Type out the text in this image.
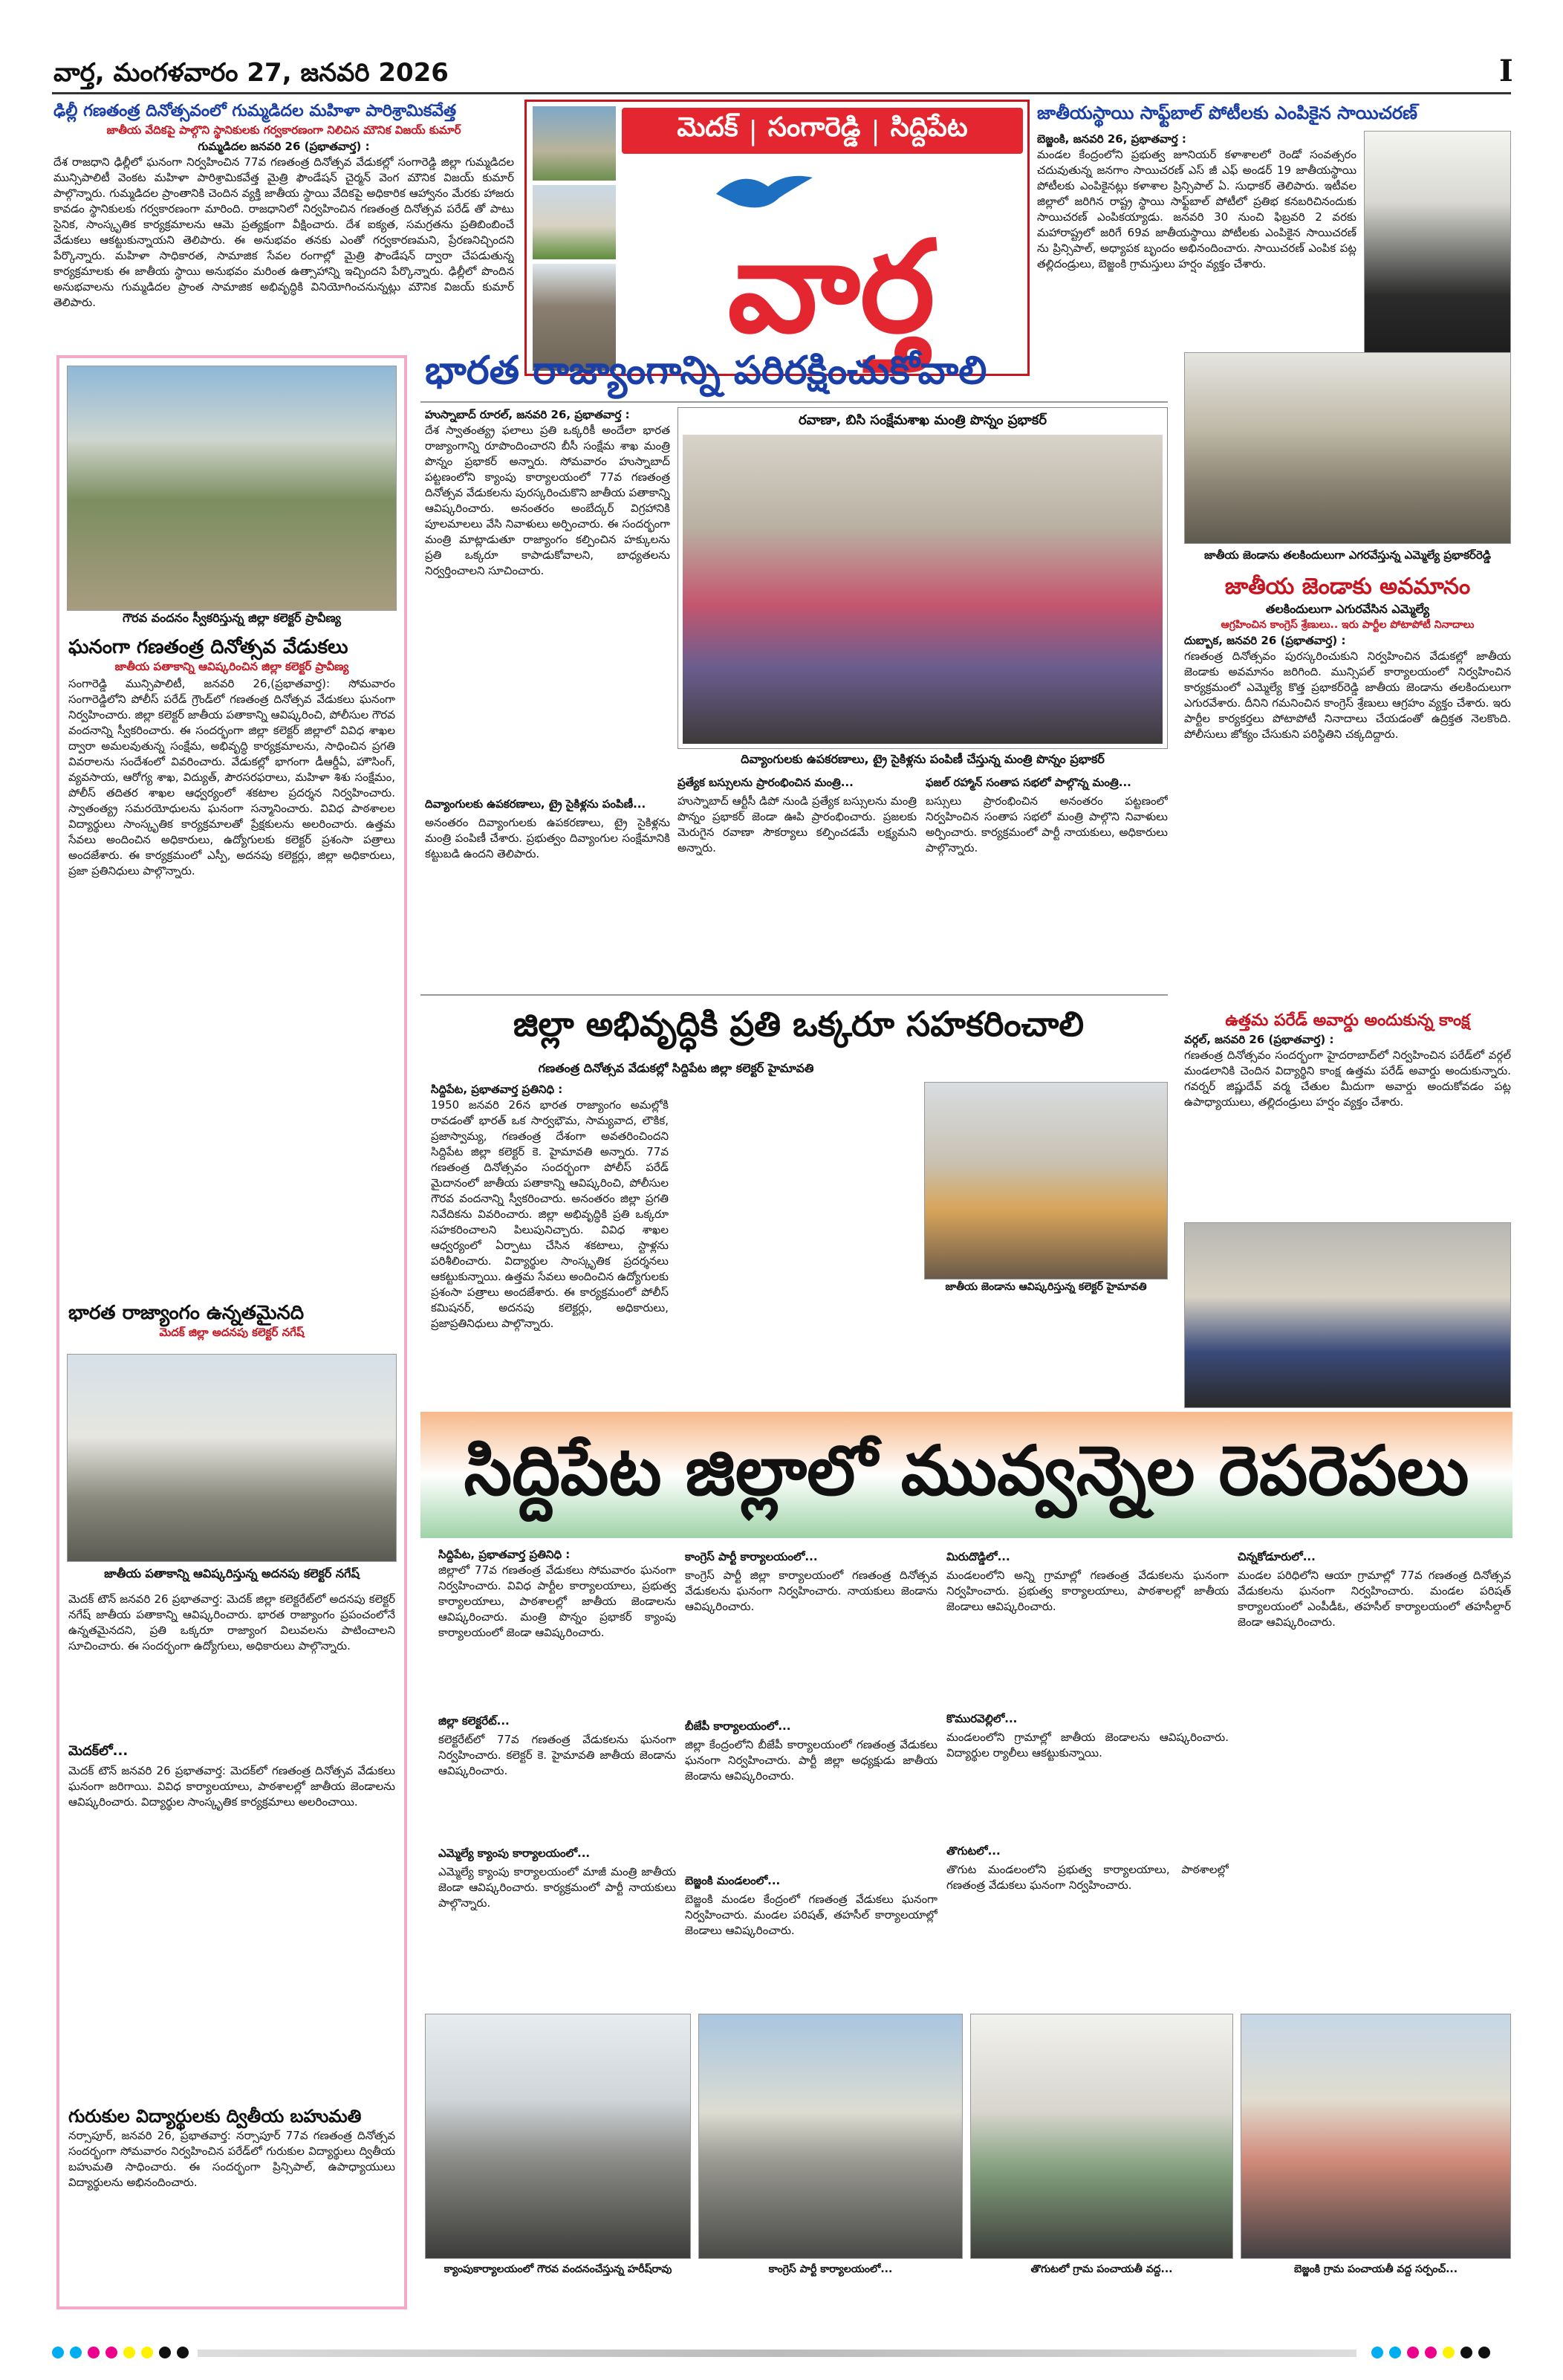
వార్త, మంగళవారం 27, జనవరి 2026	I
ఢిల్లీ గణతంత్ర దినోత్సవంలో గుమ్మడిదల మహిళా పారిశ్రామికవేత్త
జాతీయ వేదికపై పాల్గొని స్థానికులకు గర్వకారణంగా నిలిచిన మౌనిక విజయ్ కుమార్
గుమ్మడిదల జనవరి 26 (ప్రభాతవార్త) :
దేశ రాజధాని ఢిల్లీలో ఘనంగా నిర్వహించిన 77వ గణతంత్ర దినోత్సవ వేడుకల్లో సంగారెడ్డి జిల్లా గుమ్మడిదల మున్సిపాలిటీ వెంకట మహిళా పారిశ్రామికవేత్త మైత్రి ఫౌండేషన్ చైర్మన్ వెంగ మౌనిక విజయ్ కుమార్ పాల్గొన్నారు. గుమ్మడిదల ప్రాంతానికి చెందిన వ్యక్తి జాతీయ స్థాయి వేదికపై అధికారిక ఆహ్వానం మేరకు హాజరు కావడం స్థానికులకు గర్వకారణంగా మారింది. రాజధానిలో నిర్వహించిన గణతంత్ర దినోత్సవ పరేడ్ తో పాటు సైనిక, సాంస్కృతిక కార్యక్రమాలను ఆమె ప్రత్యక్షంగా వీక్షించారు. దేశ ఐక్యత, సమగ్రతను ప్రతిబింబించే వేడుకలు ఆకట్టుకున్నాయని తెలిపారు. ఈ అనుభవం తనకు ఎంతో గర్వకారణమని, ప్రేరణనిచ్చిందని పేర్కొన్నారు. మహిళా సాధికారత, సామాజిక సేవల రంగాల్లో మైత్రి ఫౌండేషన్ ద్వారా చేపడుతున్న కార్యక్రమాలకు ఈ జాతీయ స్థాయి అనుభవం మరింత ఉత్సాహాన్ని ఇచ్చిందని పేర్కొన్నారు. ఢిల్లీలో పొందిన అనుభవాలను గుమ్మడిదల ప్రాంత సామాజిక అభివృద్ధికి వినియోగించనున్నట్లు మౌనిక విజయ్ కుమార్ తెలిపారు.
మెదక్ | సంగారెడ్డి | సిద్దిపేట
వార్త
జాతీయస్థాయి సాఫ్ట్‌బాల్ పోటీలకు ఎంపికైన సాయిచరణ్
బెజ్జంకి, జనవరి 26, ప్రభాతవార్త :
మండల కేంద్రంలోని ప్రభుత్వ జూనియర్ కళాశాలలో రెండో సంవత్సరం చదువుతున్న జనగాం సాయిచరణ్ ఎస్ జీ ఎఫ్ అండర్ 19 జాతీయస్థాయి పోటీలకు ఎంపికైనట్లు కళాశాల ప్రిన్సిపాల్ ఏ. సుధాకర్ తెలిపారు. ఇటీవల జిల్లాలో జరిగిన రాష్ట్ర స్థాయి సాఫ్ట్‌బాల్ పోటీలో ప్రతిభ కనబరిచినందుకు సాయిచరణ్ ఎంపికయ్యాడు. జనవరి 30 నుంచి ఫిబ్రవరి 2 వరకు మహారాష్ట్రలో జరిగే 69వ జాతీయస్థాయి పోటీలకు ఎంపికైన సాయిచరణ్ ను ప్రిన్సిపాల్, అధ్యాపక బృందం అభినందించారు. సాయిచరణ్ ఎంపిక పట్ల తల్లిదండ్రులు, బెజ్జంకి గ్రామస్తులు హర్షం వ్యక్తం చేశారు.
గౌరవ వందనం స్వీకరిస్తున్న జిల్లా కలెక్టర్ ప్రావీణ్య
ఘనంగా గణతంత్ర దినోత్సవ వేడుకలు
జాతీయ పతాకాన్ని ఆవిష్కరించిన జిల్లా కలెక్టర్ ప్రావీణ్య
సంగారెడ్డి మున్సిపాలిటీ, జనవరి 26,(ప్రభాతవార్త): సోమవారం సంగారెడ్డిలోని పోలీస్ పరేడ్ గ్రౌండ్‌లో గణతంత్ర దినోత్సవ వేడుకలు ఘనంగా నిర్వహించారు. జిల్లా కలెక్టర్ జాతీయ పతాకాన్ని ఆవిష్కరించి, పోలీసుల గౌరవ వందనాన్ని స్వీకరించారు. ఈ సందర్భంగా జిల్లా కలెక్టర్ జిల్లాలో వివిధ శాఖల ద్వారా అమలవుతున్న సంక్షేమ, అభివృద్ధి కార్యక్రమాలను, సాధించిన ప్రగతి వివరాలను సందేశంలో వివరించారు. వేడుకల్లో భాగంగా డీఆర్డీఏ, హౌసింగ్, వ్యవసాయ, ఆరోగ్య శాఖ, విద్యుత్, పౌరసరఫరాలు, మహిళా శిశు సంక్షేమం, పోలీస్ తదితర శాఖల ఆధ్వర్యంలో శకటాల ప్రదర్శన నిర్వహించారు. స్వాతంత్య్ర సమరయోధులను ఘనంగా సన్మానించారు. వివిధ పాఠశాలల విద్యార్థులు సాంస్కృతిక కార్యక్రమాలతో ప్రేక్షకులను అలరించారు. ఉత్తమ సేవలు అందించిన అధికారులు, ఉద్యోగులకు కలెక్టర్ ప్రశంసా పత్రాలు అందజేశారు. ఈ కార్యక్రమంలో ఎస్పీ, అదనపు కలెక్టర్లు, జిల్లా అధికారులు, ప్రజా ప్రతినిధులు పాల్గొన్నారు.
భారత రాజ్యాంగం ఉన్నతమైనది
మెదక్ జిల్లా అదనపు కలెక్టర్ నగేష్
జాతీయ పతాకాన్ని ఆవిష్కరిస్తున్న అదనపు కలెక్టర్ నగేష్
మెదక్ టౌన్ జనవరి 26 ప్రభాతవార్త: మెదక్ జిల్లా కలెక్టరేట్‌లో అదనపు కలెక్టర్ నగేష్ జాతీయ పతాకాన్ని ఆవిష్కరించారు. భారత రాజ్యాంగం ప్రపంచంలోనే ఉన్నతమైనదని, ప్రతి ఒక్కరూ రాజ్యాంగ విలువలను పాటించాలని సూచించారు. ఈ సందర్భంగా ఉద్యోగులు, అధికారులు పాల్గొన్నారు.
మెదక్‌లో...
మెదక్ టౌన్ జనవరి 26 ప్రభాతవార్త: మెదక్‌లో గణతంత్ర దినోత్సవ వేడుకలు ఘనంగా జరిగాయి. వివిధ కార్యాలయాలు, పాఠశాలల్లో జాతీయ జెండాలను ఆవిష్కరించారు. విద్యార్థుల సాంస్కృతిక కార్యక్రమాలు అలరించాయి.
గురుకుల విద్యార్థులకు ద్వితీయ బహుమతి
నర్సాపూర్, జనవరి 26, ప్రభాతవార్త: నర్సాపూర్ 77వ గణతంత్ర దినోత్సవ సందర్భంగా సోమవారం నిర్వహించిన పరేడ్‌లో గురుకుల విద్యార్థులు ద్వితీయ బహుమతి సాధించారు. ఈ సందర్భంగా ప్రిన్సిపాల్, ఉపాధ్యాయులు విద్యార్థులను అభినందించారు.
భారత రాజ్యాంగాన్ని పరిరక్షించుకోవాలి
హుస్నాబాద్ రూరల్, జనవరి 26, ప్రభాతవార్త :
దేశ స్వాతంత్య్ర ఫలాలు ప్రతి ఒక్కరికీ అందేలా భారత రాజ్యాంగాన్ని రూపొందించారని బీసీ సంక్షేమ శాఖ మంత్రి పొన్నం ప్రభాకర్ అన్నారు. సోమవారం హుస్నాబాద్ పట్టణంలోని క్యాంపు కార్యాలయంలో 77వ గణతంత్ర దినోత్సవ వేడుకలను పురస్కరించుకొని జాతీయ పతాకాన్ని ఆవిష్కరించారు. అనంతరం అంబేద్కర్ విగ్రహానికి పూలమాలలు వేసి నివాళులు అర్పించారు. ఈ సందర్భంగా మంత్రి మాట్లాడుతూ రాజ్యాంగం కల్పించిన హక్కులను ప్రతి ఒక్కరూ కాపాడుకోవాలని, బాధ్యతలను నిర్వర్తించాలని సూచించారు.
దివ్యాంగులకు ఉపకరణాలు, ట్రై సైకిళ్లను పంపిణీ...
అనంతరం దివ్యాంగులకు ఉపకరణాలు, ట్రై సైకిళ్లను మంత్రి పంపిణీ చేశారు. ప్రభుత్వం దివ్యాంగుల సంక్షేమానికి కట్టుబడి ఉందని తెలిపారు.
రవాణా, బిసి సంక్షేమశాఖ మంత్రి పొన్నం ప్రభాకర్
దివ్యాంగులకు ఉపకరణాలు, ట్రై సైకిళ్లను పంపిణీ చేస్తున్న మంత్రి పొన్నం ప్రభాకర్
ప్రత్యేక బస్సులను ప్రారంభించిన మంత్రి...
హుస్నాబాద్ ఆర్టీసీ డిపో నుండి ప్రత్యేక బస్సులను మంత్రి పొన్నం ప్రభాకర్ జెండా ఊపి ప్రారంభించారు. ప్రజలకు మెరుగైన రవాణా సౌకర్యాలు కల్పించడమే లక్ష్యమని అన్నారు.
ఫజల్ రహ్మాన్ సంతాప సభలో పాల్గొన్న మంత్రి...
బస్సులు ప్రారంభించిన అనంతరం పట్టణంలో నిర్వహించిన సంతాప సభలో మంత్రి పాల్గొని నివాళులు అర్పించారు. కార్యక్రమంలో పార్టీ నాయకులు, అధికారులు పాల్గొన్నారు.
జాతీయ జెండాను తలకిందులుగా ఎగరవేస్తున్న ఎమ్మెల్యే ప్రభాకర్‌రెడ్డి
జాతీయ జెండాకు అవమానం
తలకిందులుగా ఎగురవేసిన ఎమ్మెల్యే
ఆగ్రహించిన కాంగ్రెస్ శ్రేణులు.. ఇరు పార్టీల పోటాపోటీ నినాదాలు
దుబ్బాక, జనవరి 26 (ప్రభాతవార్త) :
గణతంత్ర దినోత్సవం పురస్కరించుకుని నిర్వహించిన వేడుకల్లో జాతీయ జెండాకు అవమానం జరిగింది. మున్సిపల్ కార్యాలయంలో నిర్వహించిన కార్యక్రమంలో ఎమ్మెల్యే కొత్త ప్రభాకర్‌రెడ్డి జాతీయ జెండాను తలకిందులుగా ఎగురవేశారు. దీనిని గమనించిన కాంగ్రెస్ శ్రేణులు ఆగ్రహం వ్యక్తం చేశారు. ఇరు పార్టీల కార్యకర్తలు పోటాపోటీ నినాదాలు చేయడంతో ఉద్రిక్తత నెలకొంది. పోలీసులు జోక్యం చేసుకుని పరిస్థితిని చక్కదిద్దారు.
ఉత్తమ పరేడ్ అవార్డు అందుకున్న కాంక్ష
వర్గల్, జనవరి 26 (ప్రభాతవార్త) :
గణతంత్ర దినోత్సవం సందర్భంగా హైదరాబాద్‌లో నిర్వహించిన పరేడ్‌లో వర్గల్ మండలానికి చెందిన విద్యార్థిని కాంక్ష ఉత్తమ పరేడ్ అవార్డు అందుకున్నారు. గవర్నర్ జిష్ణుదేవ్ వర్మ చేతుల మీదుగా అవార్డు అందుకోవడం పట్ల ఉపాధ్యాయులు, తల్లిదండ్రులు హర్షం వ్యక్తం చేశారు.
జిల్లా అభివృద్ధికి ప్రతి ఒక్కరూ సహకరించాలి
గణతంత్ర దినోత్సవ వేడుకల్లో సిద్దిపేట జిల్లా కలెక్టర్ హైమావతి
సిద్దిపేట, ప్రభాతవార్త ప్రతినిధి :
1950 జనవరి 26న భారత రాజ్యాంగం అమల్లోకి రావడంతో భారత్ ఒక సార్వభౌమ, సామ్యవాద, లౌకిక, ప్రజాస్వామ్య, గణతంత్ర దేశంగా అవతరించిందని సిద్దిపేట జిల్లా కలెక్టర్ కె. హైమావతి అన్నారు. 77వ గణతంత్ర దినోత్సవం సందర్భంగా పోలీస్ పరేడ్ మైదానంలో జాతీయ పతాకాన్ని ఆవిష్కరించి, పోలీసుల గౌరవ వందనాన్ని స్వీకరించారు. అనంతరం జిల్లా ప్రగతి నివేదికను వివరించారు. జిల్లా అభివృద్ధికి ప్రతి ఒక్కరూ సహకరించాలని పిలుపునిచ్చారు. వివిధ శాఖల ఆధ్వర్యంలో ఏర్పాటు చేసిన శకటాలు, స్టాళ్లను పరిశీలించారు. విద్యార్థుల సాంస్కృతిక ప్రదర్శనలు ఆకట్టుకున్నాయి. ఉత్తమ సేవలు అందించిన ఉద్యోగులకు ప్రశంసా పత్రాలు అందజేశారు. ఈ కార్యక్రమంలో పోలీస్ కమిషనర్, అదనపు కలెక్టర్లు, అధికారులు, ప్రజాప్రతినిధులు పాల్గొన్నారు.
జాతీయ జెండాను ఆవిష్కరిస్తున్న కలెక్టర్ హైమావతి
సిద్దిపేట జిల్లాలో మువ్వన్నెల రెపరెపలు
సిద్దిపేట, ప్రభాతవార్త ప్రతినిధి :
జిల్లాలో 77వ గణతంత్ర వేడుకలు సోమవారం ఘనంగా నిర్వహించారు. వివిధ పార్టీల కార్యాలయాలు, ప్రభుత్వ కార్యాలయాలు, పాఠశాలల్లో జాతీయ జెండాలను ఆవిష్కరించారు. మంత్రి పొన్నం ప్రభాకర్ క్యాంపు కార్యాలయంలో జెండా ఆవిష్కరించారు.
జిల్లా కలెక్టరేట్...
కలెక్టరేట్‌లో 77వ గణతంత్ర వేడుకలను ఘనంగా నిర్వహించారు. కలెక్టర్ కె. హైమావతి జాతీయ జెండాను ఆవిష్కరించారు.
ఎమ్మెల్యే క్యాంపు కార్యాలయంలో...
ఎమ్మెల్యే క్యాంపు కార్యాలయంలో మాజీ మంత్రి జాతీయ జెండా ఆవిష్కరించారు. కార్యక్రమంలో పార్టీ నాయకులు పాల్గొన్నారు.
కాంగ్రెస్ పార్టీ కార్యాలయంలో...
కాంగ్రెస్ పార్టీ జిల్లా కార్యాలయంలో గణతంత్ర దినోత్సవ వేడుకలను ఘనంగా నిర్వహించారు. నాయకులు జెండాను ఆవిష్కరించారు.
బీజేపీ కార్యాలయంలో...
జిల్లా కేంద్రంలోని బీజేపీ కార్యాలయంలో గణతంత్ర వేడుకలు ఘనంగా నిర్వహించారు. పార్టీ జిల్లా అధ్యక్షుడు జాతీయ జెండాను ఆవిష్కరించారు.
బెజ్జంకి మండలంలో...
బెజ్జంకి మండల కేంద్రంలో గణతంత్ర వేడుకలు ఘనంగా నిర్వహించారు. మండల పరిషత్, తహసీల్ కార్యాలయాల్లో జెండాలు ఆవిష్కరించారు.
మిరుదొడ్డిలో...
మండలంలోని అన్ని గ్రామాల్లో గణతంత్ర వేడుకలను ఘనంగా నిర్వహించారు. ప్రభుత్వ కార్యాలయాలు, పాఠశాలల్లో జాతీయ జెండాలు ఆవిష్కరించారు.
కొమురవెల్లిలో...
మండలంలోని గ్రామాల్లో జాతీయ జెండాలను ఆవిష్కరించారు. విద్యార్థుల ర్యాలీలు ఆకట్టుకున్నాయి.
తొగుటలో...
తొగుట మండలంలోని ప్రభుత్వ కార్యాలయాలు, పాఠశాలల్లో గణతంత్ర వేడుకలు ఘనంగా నిర్వహించారు.
చిన్నకోడూరులో...
మండల పరిధిలోని ఆయా గ్రామాల్లో 77వ గణతంత్ర దినోత్సవ వేడుకలను ఘనంగా నిర్వహించారు. మండల పరిషత్ కార్యాలయంలో ఎంపీడీఓ, తహసీల్ కార్యాలయంలో తహసీల్దార్ జెండా ఆవిష్కరించారు.
క్యాంపుకార్యాలయంలో గౌరవ వందనంచేస్తున్న హరీష్‌రావు	కాంగ్రెస్ పార్టీ కార్యాలయంలో...	తొగుటలో గ్రామ పంచాయతీ వద్ద...	బెజ్జంకి గ్రామ పంచాయతీ వద్ద సర్పంచ్...
